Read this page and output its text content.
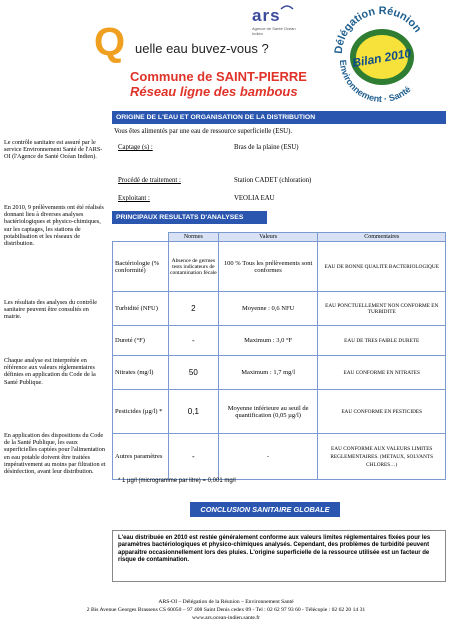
Q uelle eau buvez-vous ?
Commune de SAINT-PIERRE
Réseau ligne des bambous
ars
Agence de Santé Océan Indien
Délégation Réunion
Bilan 2010
Environnement · Santé
Le contrôle sanitaire est assuré par le service Environnement Santé de l'ARS-OI (l'Agence de Santé Océan Indien).
En 2010, 9 prélèvements ont été réalisés donnant lieu à diverses analyses bactériologiques et physico-chimiques, sur les captages, les stations de potabilisation et les réseaux de distribution.
Les résultats des analyses du contrôle sanitaire peuvent être consultés en mairie.
Chaque analyse est interprétée en référence aux valeurs réglementaires définies en application du Code de la Santé Publique.
En application des dispositions du Code de la Santé Publique, les eaux superficielles captées pour l'alimentation en eau potable doivent être traitées impérativement au moins par filtration et désinfection, avant leur distribution.
ORIGINE DE L'EAU ET ORGANISATION DE LA DISTRIBUTION
Vous êtes alimentés par une eau de ressource superficielle (ESU).
Captage (s) :	Bras de la plaine (ESU)
Procédé de traitement :	Station CADET (chloration)
Exploitant :	VEOLIA EAU
PRINCIPAUX RESULTATS D'ANALYSES
	Normes	Valeurs	Commentaires
Bactériologie (% conformité)	Absence de germes tests indicateurs de contamination fécale	100 % Tous les prélèvements sont conformes	EAU DE BONNE QUALITE BACTERIOLOGIQUE
Turbidité (NFU)	2	Moyenne : 0,6 NFU	EAU PONCTUELLEMENT NON CONFORME EN TURBIDITE
Dureté (°F)	-	Maximum : 3,0 °F	EAU DE TRES FAIBLE DURETE
Nitrates (mg/l)	50	Maximum : 1,7 mg/l	EAU CONFORME EN NITRATES
Pesticides (µg/l) *	0,1	Moyenne inférieure au seuil de quantification (0,05 µg/l)	EAU CONFORME EN PESTICIDES
Autres paramètres	-	-	EAU CONFORME AUX VALEURS LIMITES REGLEMENTAIRES. (METAUX, SOLVANTS CHLORES…)
* 1 µg/l (microgramme par litre) = 0,001 mg/l
CONCLUSION SANITAIRE GLOBALE
L'eau distribuée en 2010 est restée généralement conforme aux valeurs limites réglementaires fixées pour les paramètres bactériologiques et physico-chimiques analysés. Cependant, des problèmes de turbidité peuvent apparaître occasionnellement lors des pluies. L'origine superficielle de la ressource utilisée est un facteur de risque de contamination.
ARS-OI – Délégation de la Réunion – Environnement Santé
2 Bis Avenue Georges Brassens CS 60050 – 97 408 Saint Denis cedex 09 - Tel : 02 62 97 93 60 - Télécopie : 02 62 20 14 31
www.ars.ocean-indien.sante.fr
